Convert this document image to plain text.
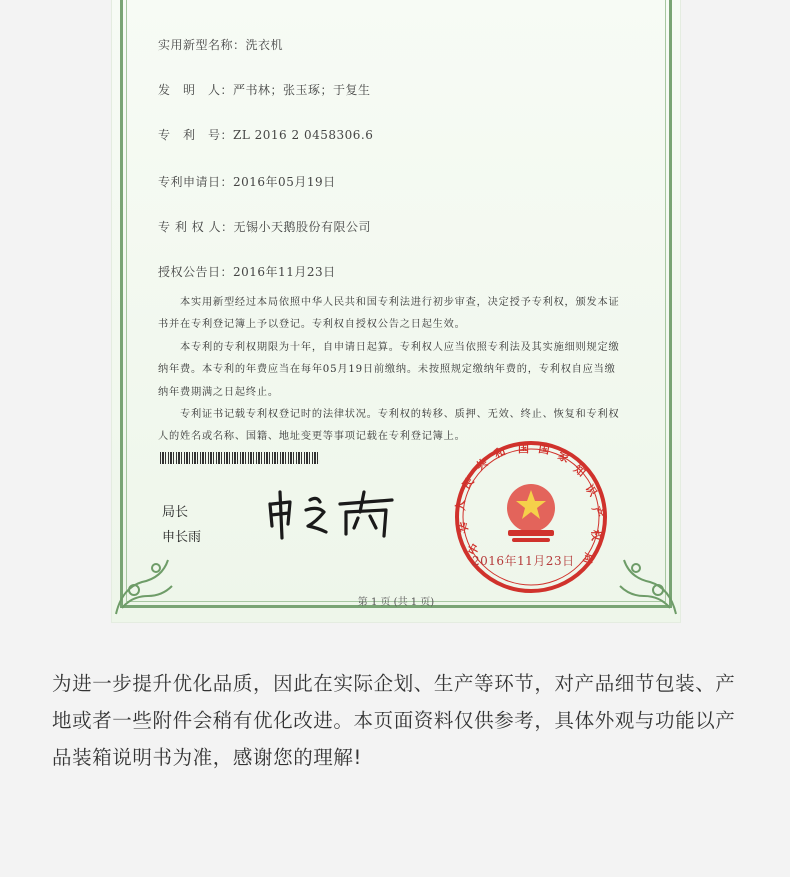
实用新型名称：洗衣机
发　明　人：严书林；张玉琢；于复生
专　利　号：ZL 2016 2 0458306.6
专利申请日：2016年05月19日
专 利 权 人：无锡小天鹅股份有限公司
授权公告日：2016年11月23日

本实用新型经过本局依照中华人民共和国专利法进行初步审查，决定授予专利权，颁发本证书并在专利登记簿上予以登记。专利权自授权公告之日起生效。

本专利的专利权期限为十年，自申请日起算。专利权人应当依照专利法及其实施细则规定缴纳年费。本专利的年费应当在每年05月19日前缴纳。未按照规定缴纳年费的，专利权自应当缴纳年费期满之日起终止。

专利证书记载专利权登记时的法律状况。专利权的转移、质押、无效、终止、恢复和专利权人的姓名或名称、国籍、地址变更等事项记载在专利登记簿上。

局长
申长雨
中
华
人
民
共
和 国 国 家
知
识
产
权
局
2016年11月23日
第 1 页 (共 1 页)

为进一步提升优化品质，因此在实际企划、生产等环节，对产品细节包装、产地或者一些附件会稍有优化改进。本页面资料仅供参考，具体外观与功能以产品装箱说明书为准，感谢您的理解!
